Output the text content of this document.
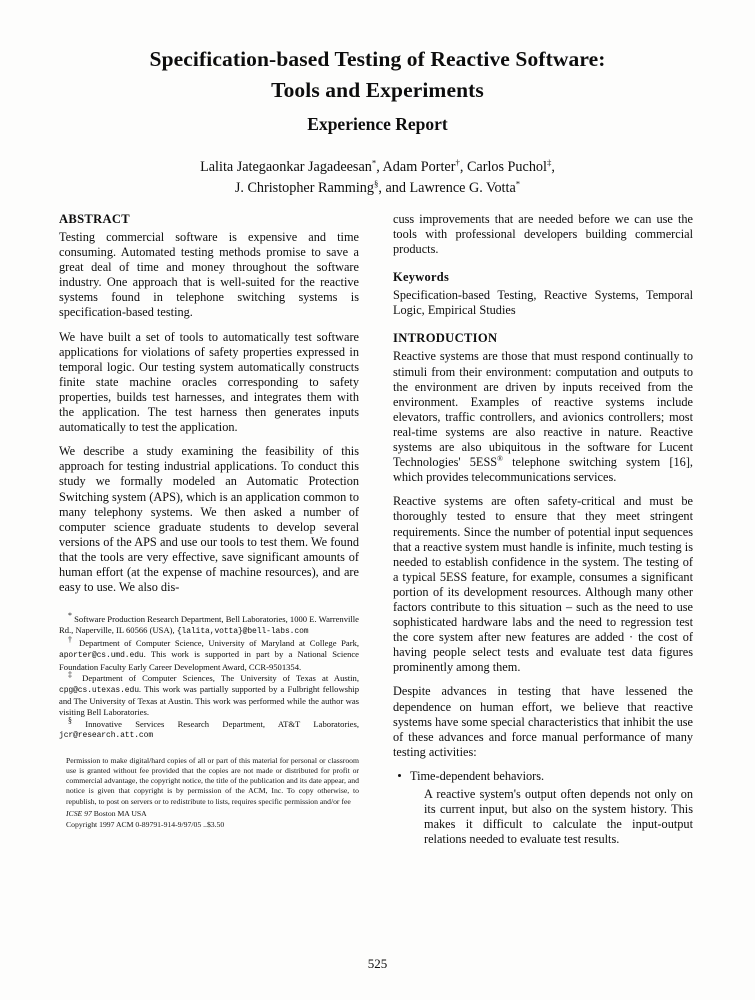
Specification-based Testing of Reactive Software:
Tools and Experiments
Experience Report
Lalita Jategaonkar Jagadeesan*, Adam Porter†, Carlos Puchol‡,
J. Christopher Ramming§, and Lawrence G. Votta*
ABSTRACT

Testing commercial software is expensive and time consuming. Automated testing methods promise to save a great deal of time and money throughout the software industry. One approach that is well-suited for the reactive systems found in telephone switching systems is specification-based testing.

We have built a set of tools to automatically test software applications for violations of safety properties expressed in temporal logic. Our testing system automatically constructs finite state machine oracles corresponding to safety properties, builds test harnesses, and integrates them with the application. The test harness then generates inputs automatically to test the application.

We describe a study examining the feasibility of this approach for testing industrial applications. To conduct this study we formally modeled an Automatic Protection Switching system (APS), which is an application common to many telephony systems. We then asked a number of computer science graduate students to develop several versions of the APS and use our tools to test them. We found that the tools are very effective, save significant amounts of human effort (at the expense of machine resources), and are easy to use. We also dis-

* Software Production Research Department, Bell Laboratories, 1000 E. Warrenville Rd., Naperville, IL 60566 (USA), {lalita,votta}@bell-labs.com

† Department of Computer Science, University of Maryland at College Park, aporter@cs.umd.edu. This work is supported in part by a National Science Foundation Faculty Early Career Development Award, CCR-9501354.

‡ Department of Computer Sciences, The University of Texas at Austin, cpg@cs.utexas.edu. This work was partially supported by a Fulbright fellowship and The University of Texas at Austin. This work was performed while the author was visiting Bell Laboratories.

§ Innovative Services Research Department, AT&T Laboratories, jcr@research.att.com

Permission to make digital/hard copies of all or part of this material for personal or classroom use is granted without fee provided that the copies are not made or distributed for profit or commercial advantage, the copyright notice, the title of the publication and its date appear, and notice is given that copyright is by permission of the ACM, Inc. To copy otherwise, to republish, to post on servers or to redistribute to lists, requires specific permission and/or fee

ICSE 97 Boston MA USA

Copyright 1997 ACM 0-89791-914-9/97/05 ..$3.50

cuss improvements that are needed before we can use the tools with professional developers building commercial products.

Keywords

Specification-based Testing, Reactive Systems, Temporal Logic, Empirical Studies

INTRODUCTION

Reactive systems are those that must respond continually to stimuli from their environment: computation and outputs to the environment are driven by inputs received from the environment. Examples of reactive systems include elevators, traffic controllers, and avionics controllers; most real-time systems are also reactive in nature. Reactive systems are also ubiquitous in the software for Lucent Technologies' 5ESS® telephone switching system [16], which provides telecommunications services.

Reactive systems are often safety-critical and must be thoroughly tested to ensure that they meet stringent requirements. Since the number of potential input sequences that a reactive system must handle is infinite, much testing is needed to establish confidence in the system. The testing of a typical 5ESS feature, for example, consumes a significant portion of its development resources. Although many other factors contribute to this situation – such as the need to use sophisticated hardware labs and the need to regression test the core system after new features are added · the cost of having people select tests and evaluate test data figures prominently among them.

Despite advances in testing that have lessened the dependence on human effort, we believe that reactive systems have some special characteristics that inhibit the use of these advances and force manual performance of many testing activities:

Time-dependent behaviors.

A reactive system's output often depends not only on its current input, but also on the system history. This makes it difficult to calculate the input-output relations needed to evaluate test results.

525
